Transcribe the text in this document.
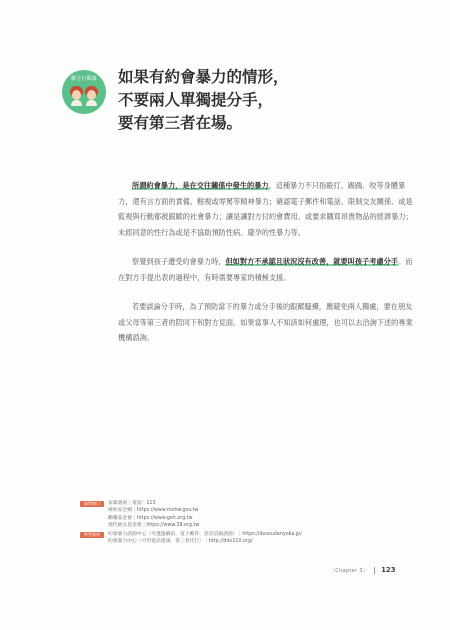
聯合行動篇	如果有約會暴力的情形，
不要兩人單獨提分手，
要有第三者在場。

所謂約會暴力，是在交往關係中發生的暴力，這種暴力不只指毆打、踢踹、咬等身體暴力，還有言方面的責備、輕視或辱罵等精神暴力；確認電子郵件和電話、限制交友關係、或是監視與行動都被跟蹤的社會暴力；讓是讓對方付約會費用、或要求購買昂貴物品的經濟暴力；未經同意的性行為或是不協助預防性病、避孕的性暴力等。

察覺到孩子遭受約會暴力時，但如對方不承認且狀況沒有改善，就要叫孩子考慮分手。而在對方手提出表的過程中，有時需要專家的積極支援。

若要談論分手時，為了預防當下的暴力或分手後的跟蹤騷擾，應避免兩人獨處，要在朋友或父母等第三者的陪同下和對方見面。如果當事人不知該如何處理，也可以去洽詢下述的專業機構諮詢。

詢問窗口	家暴諮詢｜電話：113
婦幼安全網｜https://www.mohw.gov.tw
勵馨基金會｜https://www.goh.org.tw
現代婦女基金會｜https://www.38.org.tw
參考資料	約會暴力諮詢中心〈可透過網站、電子郵件、語音信箱諮詢〉｜https://dvsoudanyoka.jp/
約會暴力中心〈可用電話諮詢、第三者代行〉｜http://ddv110.org/
〈Chapter 3〉 123
